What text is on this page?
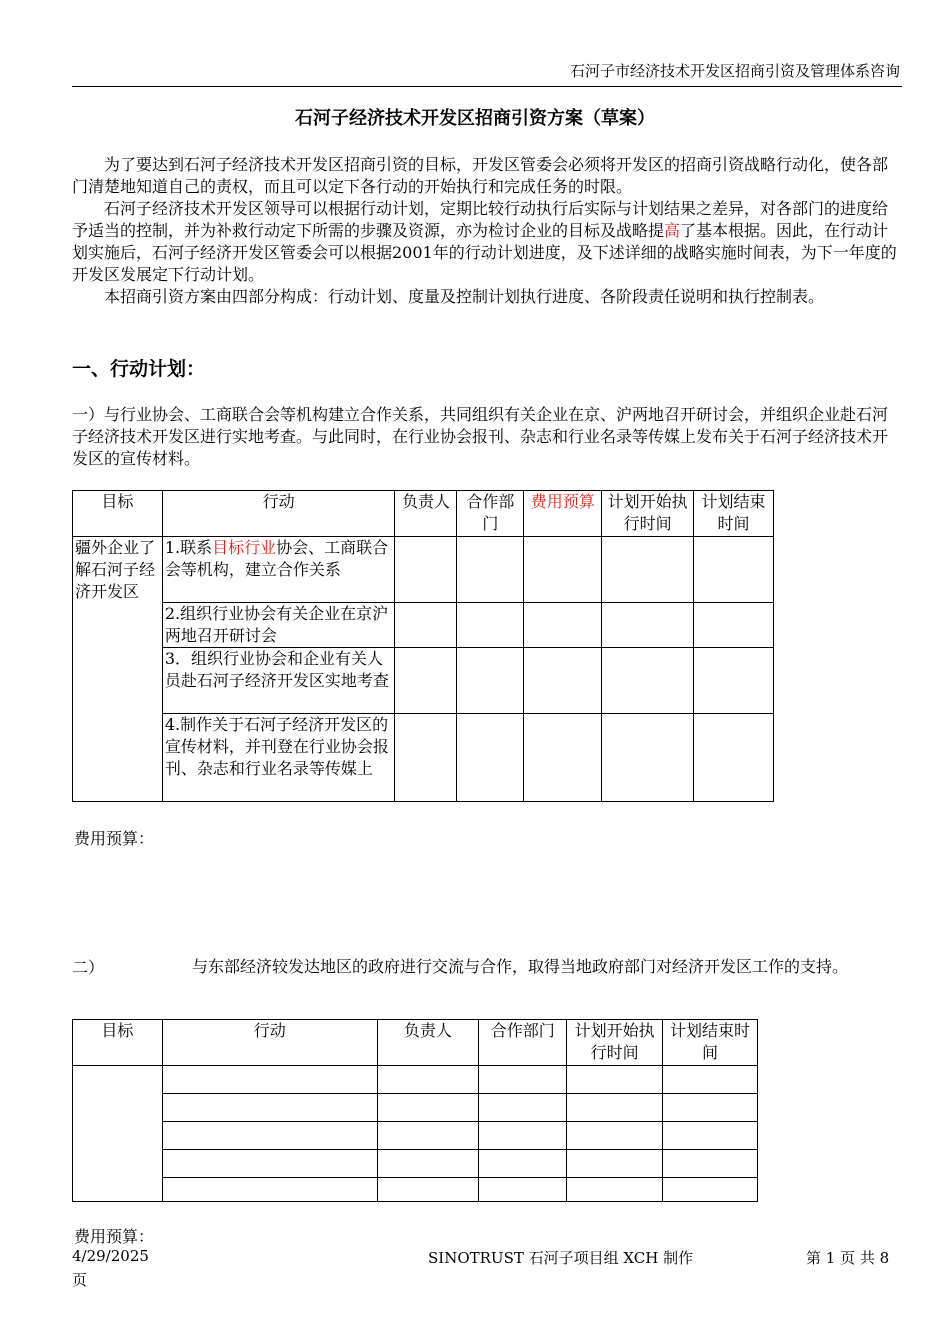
石河子市经济技术开发区招商引资及管理体系咨询
石河子经济技术开发区招商引资方案（草案）
为了要达到石河子经济技术开发区招商引资的目标，开发区管委会必须将开发区的招商引资战略行动化，使各部门清楚地知道自己的责权，而且可以定下各行动的开始执行和完成任务的时限。
石河子经济技术开发区领导可以根据行动计划，定期比较行动执行后实际与计划结果之差异，对各部门的进度给予适当的控制，并为补救行动定下所需的步骤及资源，亦为检讨企业的目标及战略提高了基本根据。因此，在行动计划实施后，石河子经济开发区管委会可以根据2001年的行动计划进度，及下述详细的战略实施时间表，为下一年度的开发区发展定下行动计划。
本招商引资方案由四部分构成：行动计划、度量及控制计划执行进度、各阶段责任说明和执行控制表。
一、行动计划：
一）与行业协会、工商联合会等机构建立合作关系，共同组织有关企业在京、沪两地召开研讨会，并组织企业赴石河子经济技术开发区进行实地考查。与此同时，在行业协会报刊、杂志和行业名录等传媒上发布关于石河子经济技术开发区的宣传材料。
目标	行动	负责人	合作部门	费用预算	计划开始执行时间	计划结束时间
疆外企业了解石河子经济开发区	1.联系目标行业协会、工商联合会等机构，建立合作关系					
	2.组织行业协会有关企业在京沪两地召开研讨会					
	3．组织行业协会和企业有关人员赴石河子经济开发区实地考查					
	4.制作关于石河子经济开发区的宣传材料，并刊登在行业协会报刊、杂志和行业名录等传媒上					
费用预算：
二）	与东部经济较发达地区的政府进行交流与合作，取得当地政府部门对经济开发区工作的支持。
目标	行动	负责人	合作部门	计划开始执行时间	计划结束时间

费用预算：
4/29/2025	SINOTRUST 石河子项目组 XCH 制作	第 1 页 共 8
页
